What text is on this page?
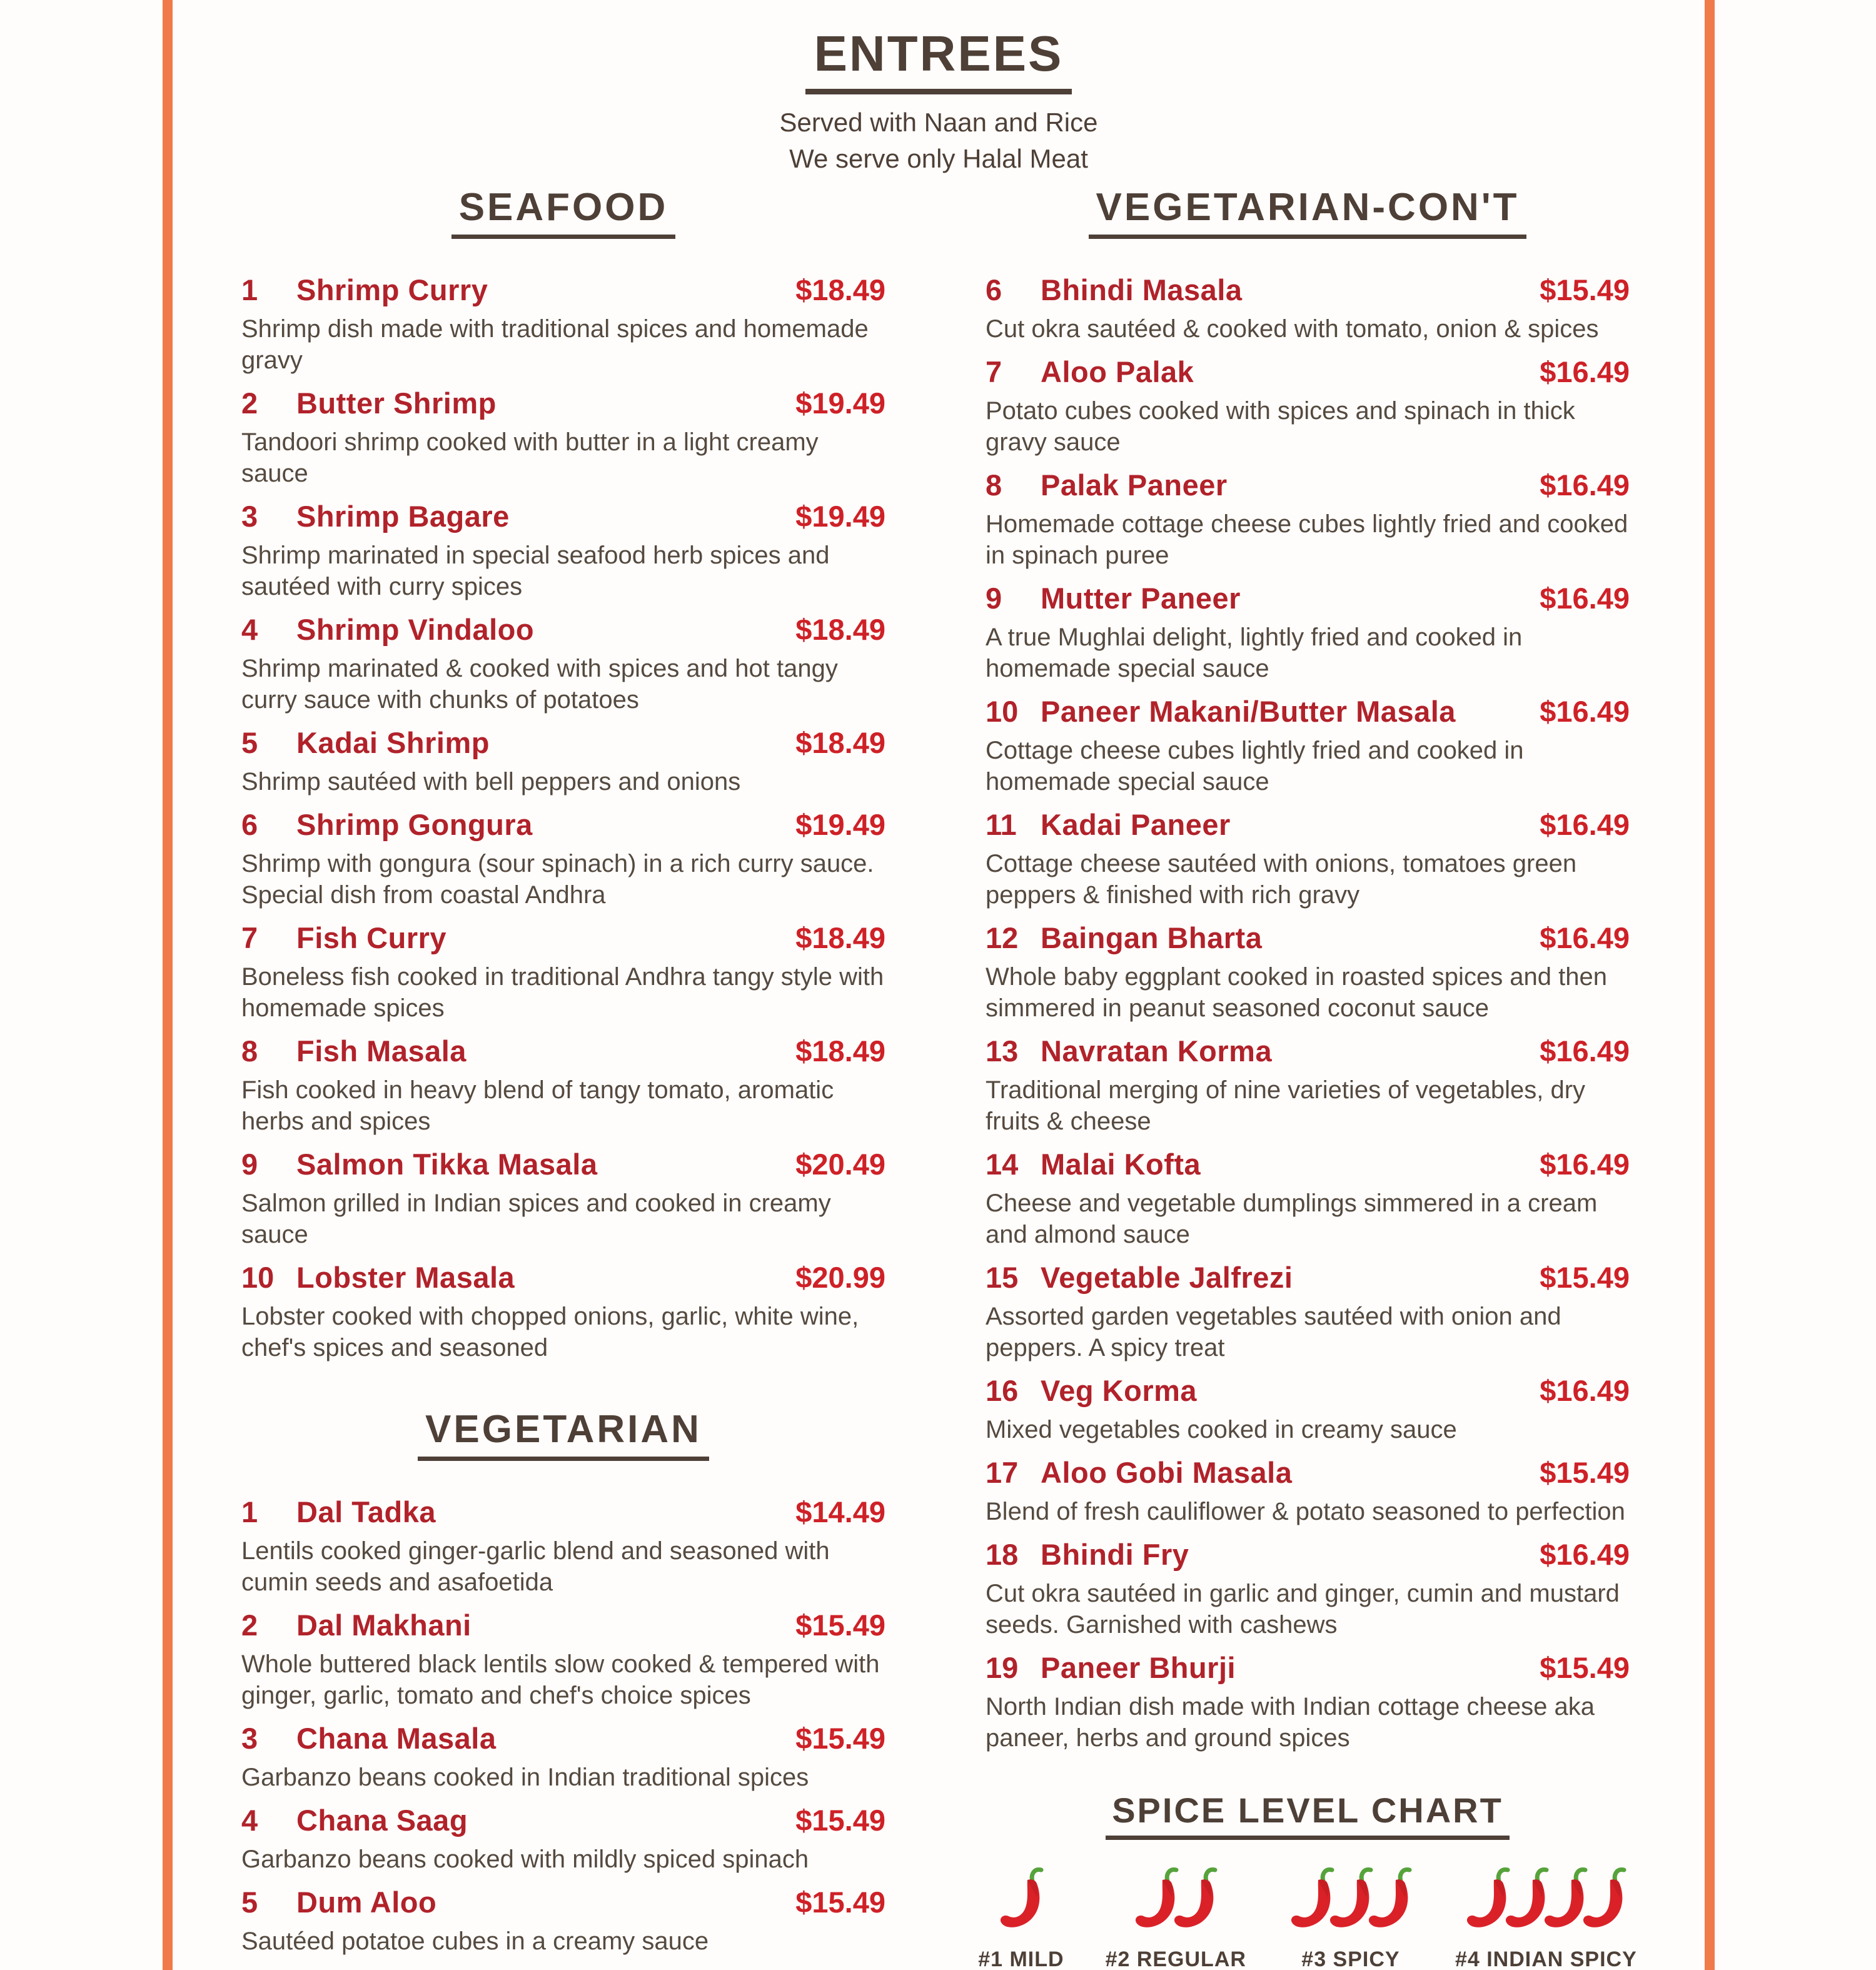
ENTREES
Served with Naan and Rice
We serve only Halal Meat
SEAFOOD
1	Shrimp Curry	$18.49
Shrimp dish made with traditional spices and homemade gravy
2	Butter Shrimp	$19.49
Tandoori shrimp cooked with butter in a light creamy sauce
3	Shrimp Bagare	$19.49
Shrimp marinated in special seafood herb spices and sautéed with curry spices
4	Shrimp Vindaloo	$18.49
Shrimp marinated & cooked with spices and hot tangy curry sauce with chunks of potatoes
5	Kadai Shrimp	$18.49
Shrimp sautéed with bell peppers and onions
6	Shrimp Gongura	$19.49
Shrimp with gongura (sour spinach) in a rich curry sauce. Special dish from coastal Andhra
7	Fish Curry	$18.49
Boneless fish cooked in traditional Andhra tangy style with homemade spices
8	Fish Masala	$18.49
Fish cooked in heavy blend of tangy tomato, aromatic herbs and spices
9	Salmon Tikka Masala	$20.49
Salmon grilled in Indian spices and cooked in creamy sauce
10 Lobster Masala	$20.99
Lobster cooked with chopped onions, garlic, white wine, chef's spices and seasoned
VEGETARIAN
1	Dal Tadka	$14.49
Lentils cooked ginger-garlic blend and seasoned with cumin seeds and asafoetida
2	Dal Makhani	$15.49
Whole buttered black lentils slow cooked & tempered with ginger, garlic, tomato and chef's choice spices
3	Chana Masala	$15.49
Garbanzo beans cooked in Indian traditional spices
4	Chana Saag	$15.49
Garbanzo beans cooked with mildly spiced spinach
5	Dum Aloo	$15.49
Sautéed potatoe cubes in a creamy sauce
VEGETARIAN-CON'T
6	Bhindi Masala	$15.49
Cut okra sautéed & cooked with tomato, onion & spices
7	Aloo Palak	$16.49
Potato cubes cooked with spices and spinach in thick gravy sauce
8	Palak Paneer	$16.49
Homemade cottage cheese cubes lightly fried and cooked in spinach puree
9	Mutter Paneer	$16.49
A true Mughlai delight, lightly fried and cooked in homemade special sauce
10 Paneer Makani/Butter Masala	$16.49
Cottage cheese cubes lightly fried and cooked in homemade special sauce
11 Kadai Paneer	$16.49
Cottage cheese sautéed with onions, tomatoes green peppers & finished with rich gravy
12 Baingan Bharta	$16.49
Whole baby eggplant cooked in roasted spices and then simmered in peanut seasoned coconut sauce
13 Navratan Korma	$16.49
Traditional merging of nine varieties of vegetables, dry fruits & cheese
14 Malai Kofta	$16.49
Cheese and vegetable dumplings simmered in a cream and almond sauce
15 Vegetable Jalfrezi	$15.49
Assorted garden vegetables sautéed with onion and peppers. A spicy treat
16 Veg Korma	$16.49
Mixed vegetables cooked in creamy sauce
17 Aloo Gobi Masala	$15.49
Blend of fresh cauliflower & potato seasoned to perfection
18 Bhindi Fry	$16.49
Cut okra sautéed in garlic and ginger, cumin and mustard seeds. Garnished with cashews
19 Paneer Bhurji	$15.49
North Indian dish made with Indian cottage cheese aka paneer, herbs and ground spices
SPICE LEVEL CHART
#1 MILD #2 REGULAR	#3 SPICY	#4 INDIAN SPICY
